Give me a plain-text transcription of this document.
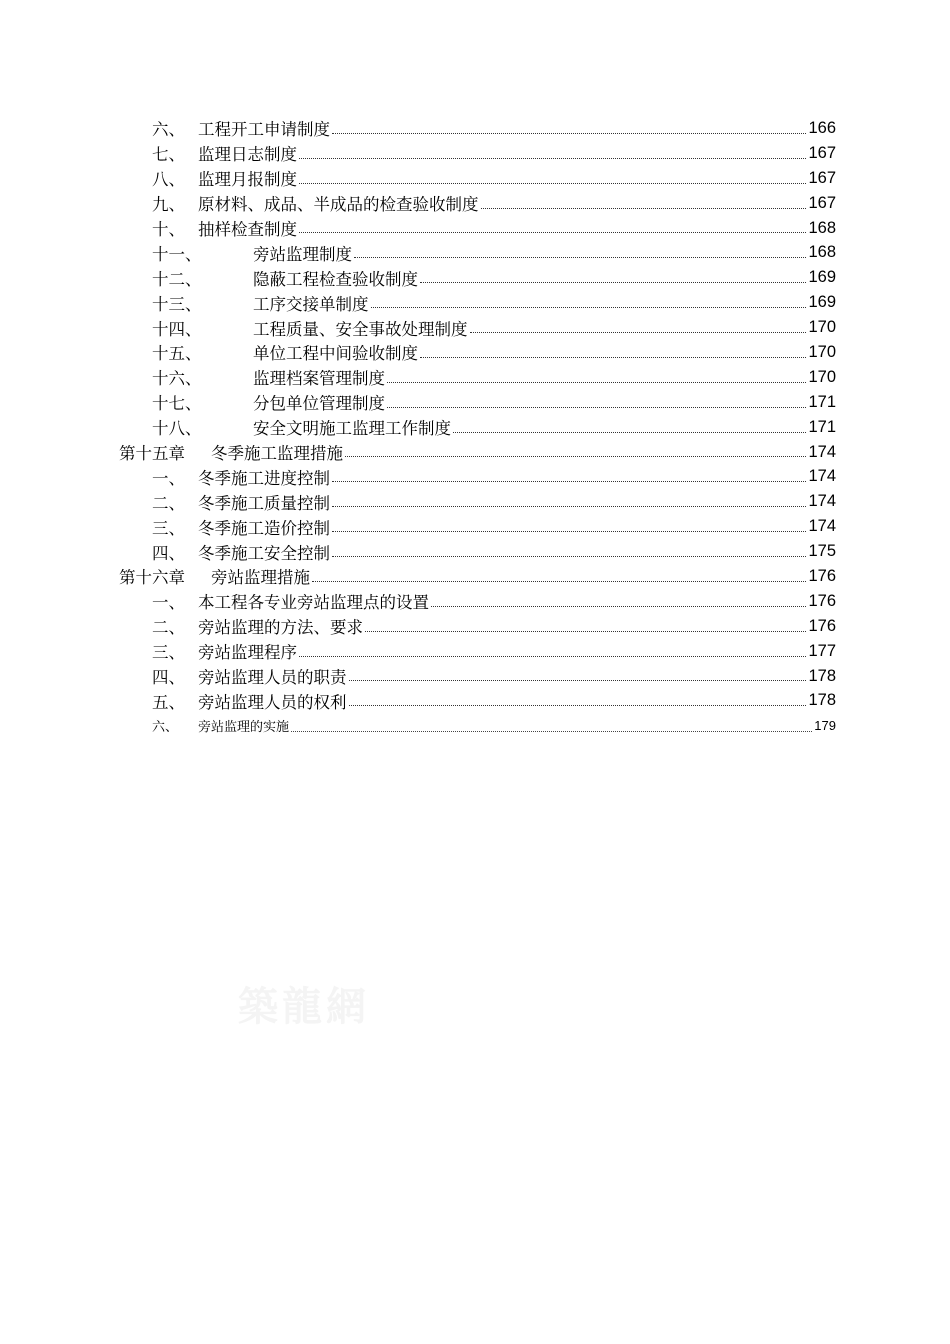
六、 工程开工申请制度	166
七、 监理日志制度	167
八、 监理月报制度	167
九、 原材料、成品、半成品的检查验收制度	167
十、 抽样检查制度	168
十一、	旁站监理制度	168
十二、	隐蔽工程检查验收制度	169
十三、	工序交接单制度	169
十四、	工程质量、安全事故处理制度	170
十五、	单位工程中间验收制度	170
十六、	监理档案管理制度	170
十七、	分包单位管理制度	171
十八、	安全文明施工监理工作制度	171
第十五章	冬季施工监理措施	174
一、 冬季施工进度控制	174
二、 冬季施工质量控制	174
三、 冬季施工造价控制	174
四、 冬季施工安全控制	175
第十六章	旁站监理措施	176
一、 本工程各专业旁站监理点的设置	176
二、 旁站监理的方法、要求	176
三、 旁站监理程序	177
四、 旁站监理人员的职责	178
五、 旁站监理人员的权利	178
六、	旁站监理的实施	179
築龍網
